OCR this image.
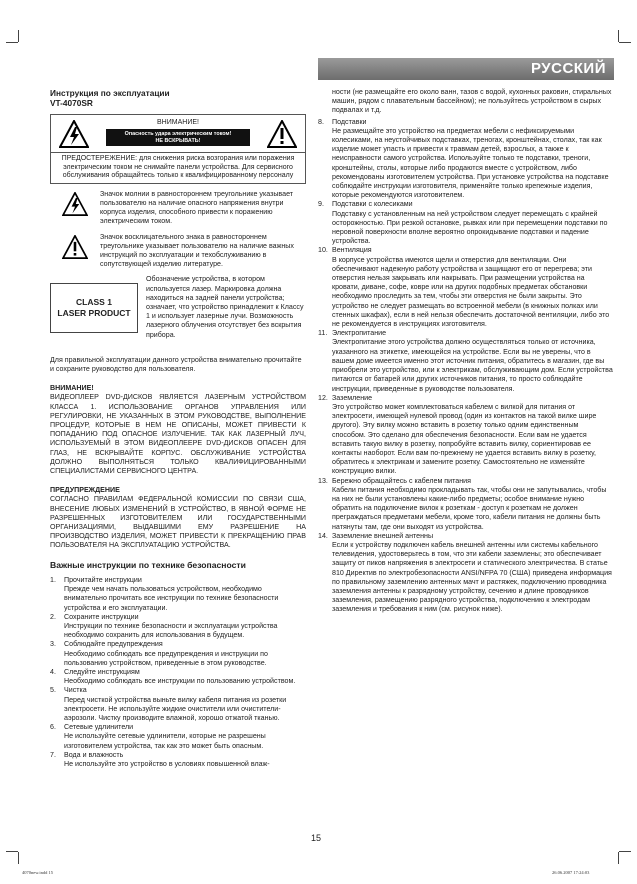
РУССКИЙ
Инструкция по эксплуатации
VT-4070SR
ВНИМАНИЕ!
Опасность удара электрическим током!
НЕ ВСКРЫВАТЬ!
ПРЕДОСТЕРЕЖЕНИЕ: для снижения риска возгорания или поражения электрическим током не снимайте панели устройства. Для сервисного обслуживания обращайтесь только к квалифицированному персоналу
Значок молнии в равностороннем треугольнике указывает пользователю на наличие опасного напряжения внутри корпуса изделия, способного привести к поражению электрическим током.
Значок восклицательного знака в равностороннем треугольнике указывает пользователю на наличие важных инструкций по эксплуатации и техобслуживанию в сопутствующей изделию литературе.
CLASS 1
LASER PRODUCT
Обозначение устройства, в котором используется лазер. Маркировка должна находиться на задней панели устройства; означает, что устройство принадлежит к Классу 1 и использует лазерные лучи. Возможность лазерного облучения отсутствует без вскрытия прибора.
Для правильной эксплуатации данного устройства внимательно прочитайте и сохраните руководство для пользователя.
ВНИМАНИЕ!
ВИДЕОПЛЕЕР DVD-ДИСКОВ ЯВЛЯЕТСЯ ЛАЗЕРНЫМ УСТРОЙСТВОМ КЛАССА 1. ИСПОЛЬЗОВАНИЕ ОРГАНОВ УПРАВЛЕНИЯ ИЛИ РЕГУЛИРОВКИ, НЕ УКАЗАННЫХ В ЭТОМ РУКОВОДСТВЕ, ВЫПОЛНЕНИЕ ПРОЦЕДУР, КОТОРЫЕ В НЕМ НЕ ОПИСАНЫ, МОЖЕТ ПРИВЕСТИ К ПОПАДАНИЮ ПОД ОПАСНОЕ ИЗЛУЧЕНИЕ. ТАК КАК ЛАЗЕРНЫЙ ЛУЧ, ИСПОЛЬЗУЕМЫЙ В ЭТОМ ВИДЕОПЛЕЕРЕ DVD-ДИСКОВ ОПАСЕН ДЛЯ ГЛАЗ, НЕ ВСКРЫВАЙТЕ КОРПУС. ОБСЛУЖИВАНИЕ УСТРОЙСТВА ДОЛЖНО ВЫПОЛНЯТЬСЯ ТОЛЬКО КВАЛИФИЦИРОВАННЫМИ СПЕЦИАЛИСТАМИ СЕРВИСНОГО ЦЕНТРА.
ПРЕДУПРЕЖДЕНИЕ
СОГЛАСНО ПРАВИЛАМ ФЕДЕРАЛЬНОЙ КОМИССИИ ПО СВЯЗИ США, ВНЕСЕНИЕ ЛЮБЫХ ИЗМЕНЕНИЙ В УСТРОЙСТВО, В ЯВНОЙ ФОРМЕ НЕ РАЗРЕШЕННЫХ ИЗГОТОВИТЕЛЕМ ИЛИ ГОСУДАРСТВЕННЫМИ ОРГАНИЗАЦИЯМИ, ВЫДАВШИМИ ЕМУ РАЗРЕШЕНИЕ НА ПРОИЗВОДСТВО ИЗДЕЛИЯ, МОЖЕТ ПРИВЕСТИ К ПРЕКРАЩЕНИЮ ПРАВ ПОЛЬЗОВАТЕЛЯ НА ЭКСПЛУАТАЦИЮ УСТРОЙСТВА.
Важные инструкции по технике безопасности
1.	Прочитайте инструкции
Прежде чем начать пользоваться устройством, необходимо внимательно прочитать все инструкции по технике безопасности устройства и его эксплуатации.
2.	Сохраните инструкции
Инструкции по технике безопасности и эксплуатации устройства необходимо сохранить для использования в будущем.
3.	Соблюдайте предупреждения
Необходимо соблюдать все предупреждения и инструкции по пользованию устройством, приведенные в этом руководстве.
4.	Следуйте инструкциям
Необходимо соблюдать все инструкции по пользованию устройством.
5.	Чистка
Перед чисткой устройства выньте вилку кабеля питания из розетки электросети. Не используйте жидкие очистители или очистители-аэрозоли. Чистку производите влажной, хорошо отжатой тканью.
6.	Сетевые удлинители
Не используйте сетевые удлинители, которые не разрешены изготовителем устройства, так как это может быть опасным.
7.	Вода и влажность
Не используйте это устройство в условиях повышенной влаж-
ности (не размещайте его около ванн, тазов с водой, кухонных раковин, стиральных машин, рядом с плавательным бассейном); не пользуйтесь устройством в сырых подвалах и т.д.
8.	Подставки
Не размещайте это устройство на предметах мебели с нефиксируемыми колесиками, на неустойчивых подставках, треногах, кронштейнах, столах, так как изделие может упасть и привести к травмам детей, взрослых, а также к неисправности самого устройства. Используйте только те подставки, треноги, кронштейны, столы, которые либо продаются вместе с устройством, либо рекомендованы изготовителем устройства. При установке устройства на подставке соблюдайте инструкции изготовителя, применяйте только крепежные изделия, которые рекомендуются изготовителем.
9.	Подставки с колесиками
Подставку с установленным на ней устройством следует перемещать с крайней осторожностью. При резкой остановке, рывках или при перемещении подставки по неровной поверхности вполне вероятно опрокидывание подставки и падение устройства.
10. Вентиляция
В корпусе устройства имеются щели и отверстия для вентиляции. Они обеспечивают надежную работу устройства и защищают его от перегрева; эти отверстия нельзя закрывать или накрывать. При размещении устройства на кровати, диване, софе, ковре или на других подобных предметах обстановки необходимо проследить за тем, чтобы эти отверстия не были закрыты. Это устройство не следует размещать во встроенной мебели (в книжных полках или стенных шкафах), если в ней нельзя обеспечить достаточной вентиляции, либо это не рекомендуется в инструкциях изготовителя.
11. Электропитание
Электропитание этого устройства должно осуществляться только от источника, указанного на этикетке, имеющейся на устройстве. Если вы не уверены, что в вашем доме имеется именно этот источник питания, обратитесь в магазин, где вы приобрели это устройство, или к электрикам, обслуживающим дом. Если устройства питаются от батарей или других источников питания, то просто соблюдайте инструкции, приведенные в руководстве пользователя.
12. Заземление
Это устройство может комплектоваться кабелем с вилкой для питания от электросети, имеющей нулевой провод (один из контактов на такой вилке шире другого). Эту вилку можно вставить в розетку только одним единственным способом. Это сделано для обеспечения безопасности. Если вам не удается вставить такую вилку в розетку, попробуйте вставить вилку, сориентировав ее контакты наоборот. Если вам по-прежнему не удается вставить вилку в розетку, обратитесь к электрикам и замените розетку. Самостоятельно не изменяйте конструкцию вилки.
13. Бережно обращайтесь с кабелем питания
Кабели питания необходимо прокладывать так, чтобы они не запутывались, чтобы на них не были установлены какие-либо предметы; особое внимание нужно обратить на подключение вилок к розеткам - доступ к розеткам не должен преграждаться предметами мебели, кроме того, кабели питания не должны быть натянуты там, где они выходят из устройства.
14. Заземление внешней антенны
Если к устройству подключен кабель внешней антенны или системы кабельного телевидения, удостоверьтесь в том, что эти кабели заземлены; это обеспечивает защиту от пиков напряжения в электросети и статического электричества. В статье 810 Директив по электробезопасности ANSI/NFPA 70 (США) приведена информация по правильному заземлению антенных мачт и растяжек, подключению проводника заземления антенны к разрядному устройству, сечению и длине проводников заземления, размещению разрядного устройства, подключению к электродам заземления и требования к ним (см. рисунок ниже).
15
4070new.indd 15	26.06.2007 17:24:03
